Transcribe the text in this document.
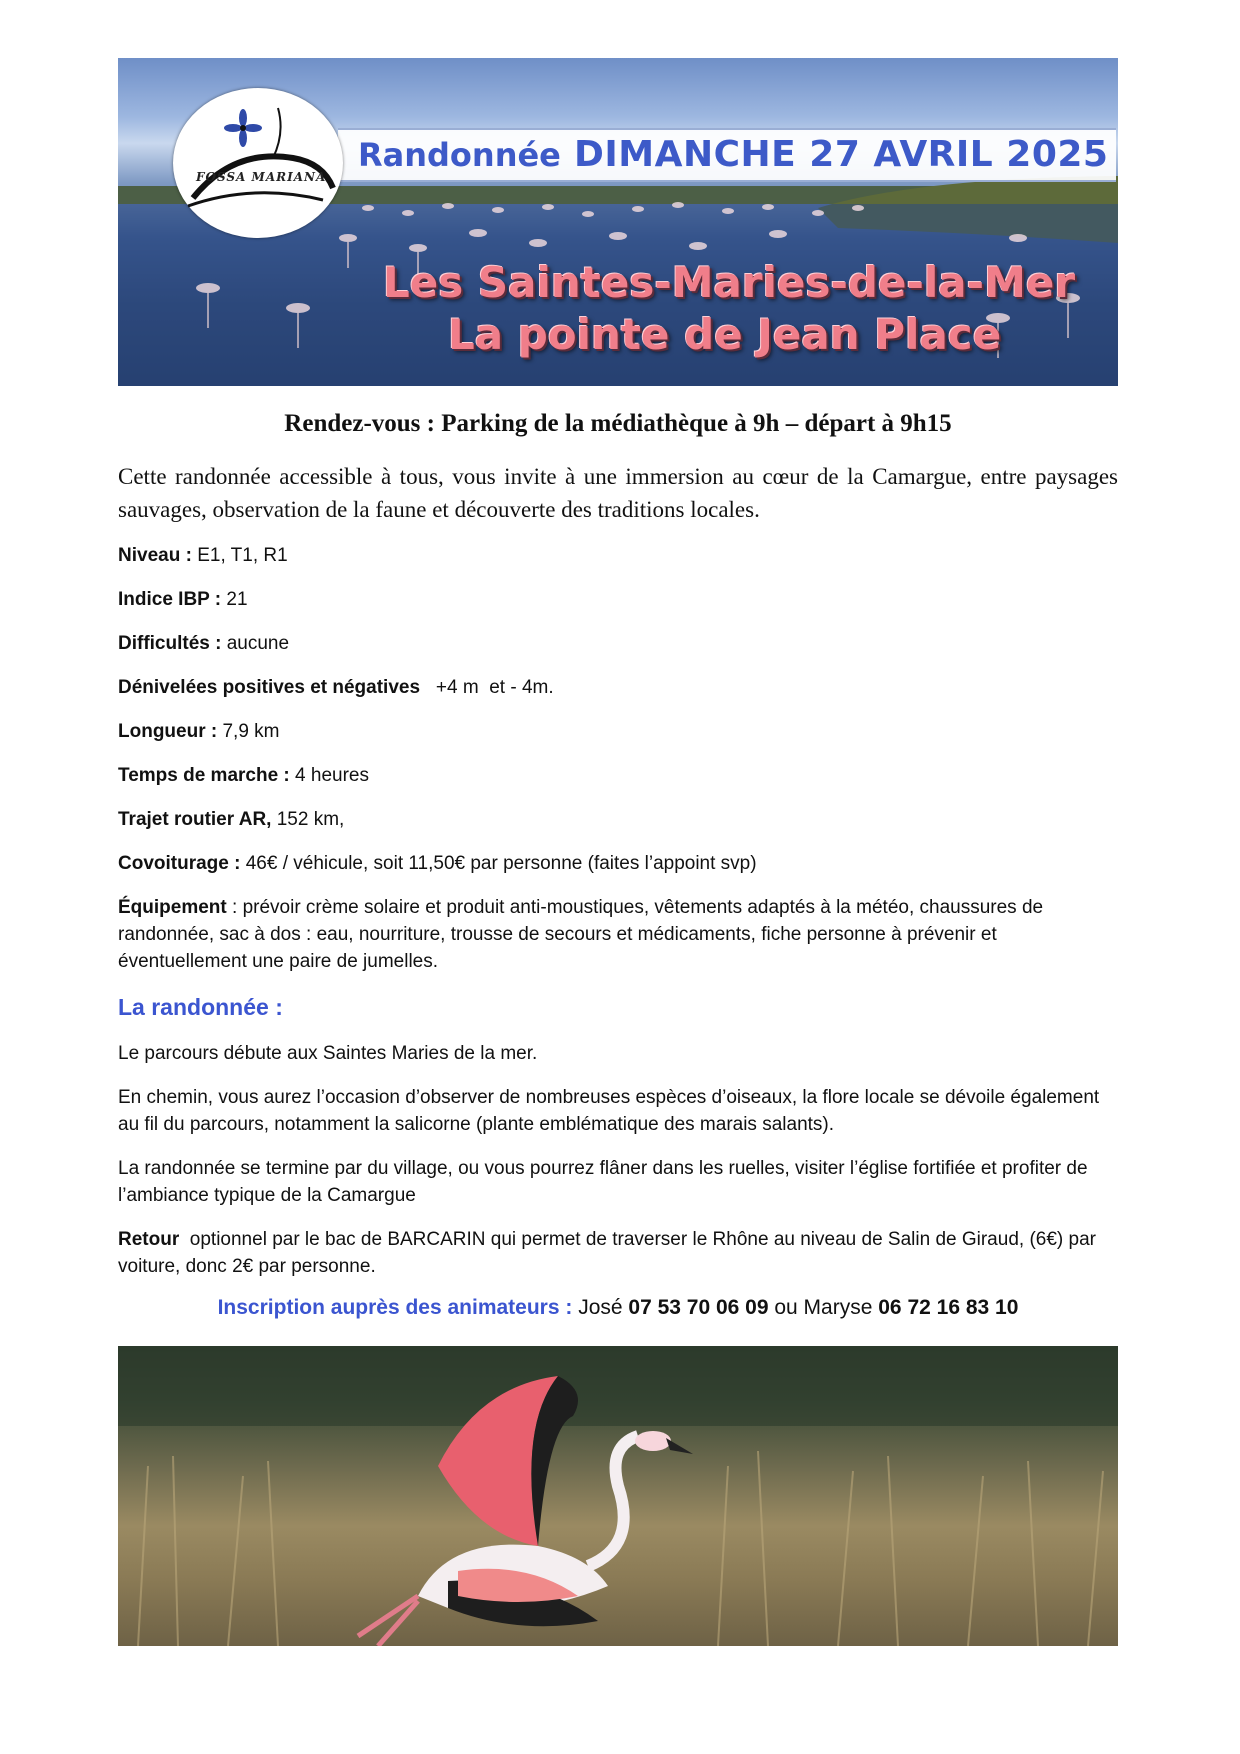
Randonnée DIMANCHE 27 AVRIL 2025
FOSSA MARIANA
Les Saintes-Maries-de-la-Mer
La pointe de Jean Place
Rendez-vous : Parking de la médiathèque à 9h – départ à 9h15
Cette randonnée accessible à tous, vous invite à une immersion au cœur de la Camargue, entre paysages sauvages, observation de la faune et découverte des traditions locales.
Niveau : E1, T1, R1
Indice IBP : 21
Difficultés : aucune
Dénivelées positives et négatives   +4 m  et - 4m.
Longueur : 7,9 km
Temps de marche : 4 heures
Trajet routier AR, 152 km,
Covoiturage : 46€ / véhicule, soit 11,50€ par personne (faites l’appoint svp)
Équipement : prévoir crème solaire et produit anti-moustiques, vêtements adaptés à la météo, chaussures de randonnée, sac à dos : eau, nourriture, trousse de secours et médicaments, fiche personne à prévenir et éventuellement une paire de jumelles.
La randonnée :
Le parcours débute aux Saintes Maries de la mer.
En chemin, vous aurez l’occasion d’observer de nombreuses espèces d’oiseaux, la flore locale se dévoile également au fil du parcours, notamment la salicorne (plante emblématique des marais salants).
La randonnée se termine par du village, ou vous pourrez flâner dans les ruelles, visiter l’église fortifiée et profiter de l’ambiance typique de la Camargue
Retour  optionnel par le bac de BARCARIN qui permet de traverser le Rhône au niveau de Salin de Giraud, (6€) par voiture, donc 2€ par personne.
Inscription auprès des animateurs : José 07 53 70 06 09 ou Maryse 06 72 16 83 10
